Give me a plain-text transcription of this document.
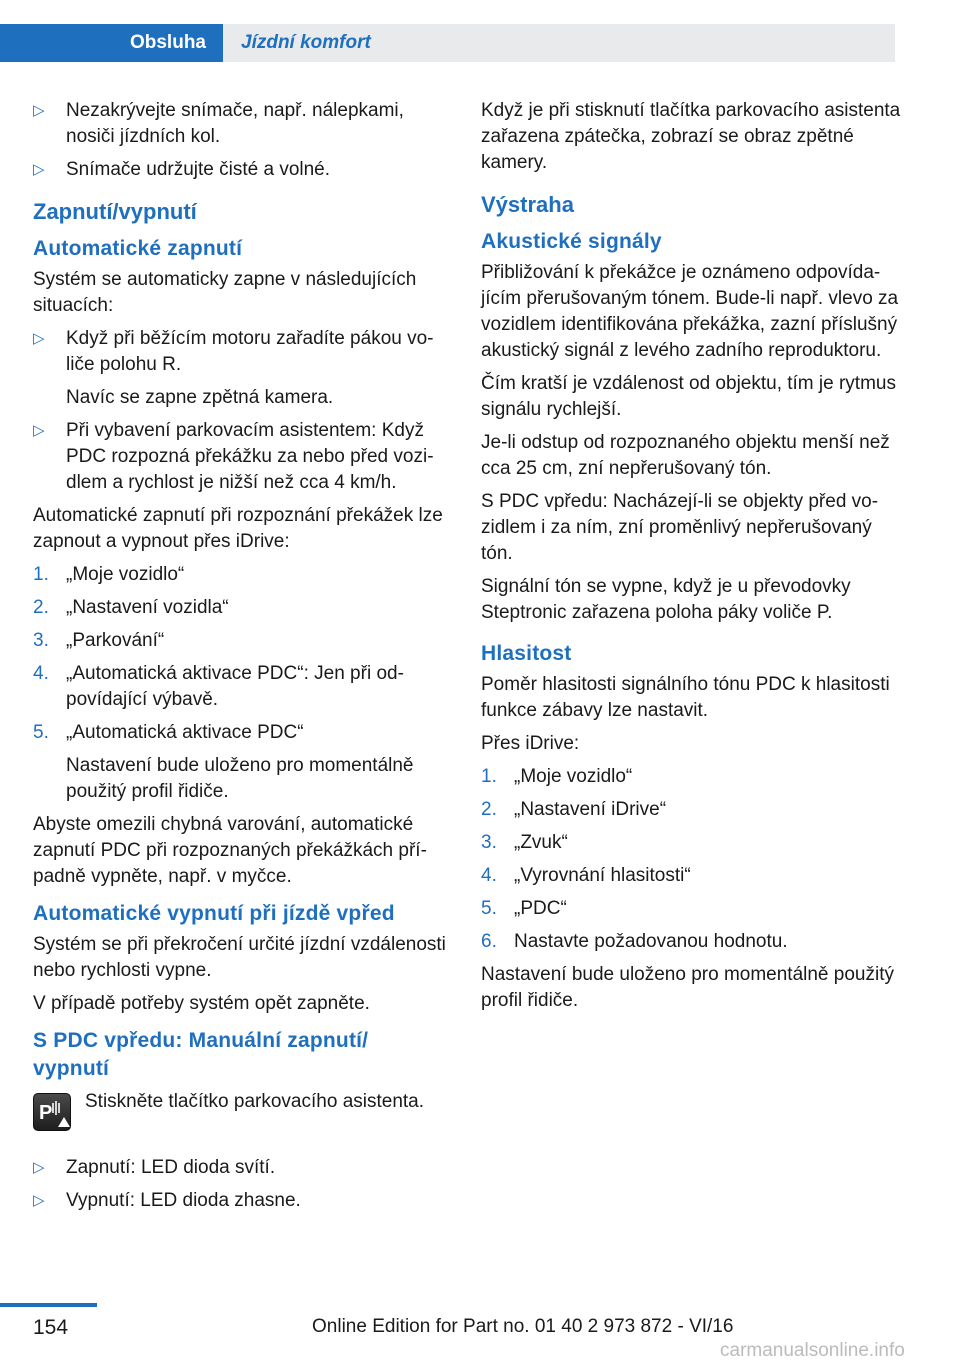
Obsluha	Jízdní komfort
▷ Nezakrývejte snímače, např. nálepkami, nosiči jízdních kol.
▷ Snímače udržujte čisté a volné.
Zapnutí/vypnutí
Automatické zapnutí
Systém se automaticky zapne v následujících situacích:
▷ Když při běžícím motoru zařadíte pákou voliče polohu R.
Navíc se zapne zpětná kamera.
▷ Při vybavení parkovacím asistentem: Když PDC rozpozná překážku za nebo před vozidlem a rychlost je nižší než cca 4 km/h.
Automatické zapnutí při rozpoznání překážek lze zapnout a vypnout přes iDrive:
1. „Moje vozidlo“
2. „Nastavení vozidla“
3. „Parkování“
4. „Automatická aktivace PDC“: Jen při odpovídající výbavě.
5. „Automatická aktivace PDC“
Nastavení bude uloženo pro momentálně použitý profil řidiče.
Abyste omezili chybná varování, automatické zapnutí PDC při rozpoznaných překážkách případně vypněte, např. v myčce.
Automatické vypnutí při jízdě vpřed
Systém se při překročení určité jízdní vzdálenosti nebo rychlosti vypne.
V případě potřeby systém opět zapněte.
S PDC vpředu: Manuální zapnutí/ vypnutí
P
Stiskněte tlačítko parkovacího asistenta.
▷ Zapnutí: LED dioda svítí.
▷ Vypnutí: LED dioda zhasne.
Když je při stisknutí tlačítka parkovacího asistenta zařazena zpátečka, zobrazí se obraz zpětné kamery.
Výstraha
Akustické signály
Přibližování k překážce je oznámeno odpovídajícím přerušovaným tónem. Bude-li např. vlevo za vozidlem identifikována překážka, zazní příslušný akustický signál z levého zadního reproduktoru.
Čím kratší je vzdálenost od objektu, tím je rytmus signálu rychlejší.
Je-li odstup od rozpoznaného objektu menší než cca 25 cm, zní nepřerušovaný tón.
S PDC vpředu: Nacházejí-li se objekty před vozidlem i za ním, zní proměnlivý nepřerušovaný tón.
Signální tón se vypne, když je u převodovky Steptronic zařazena poloha páky voliče P.
Hlasitost
Poměr hlasitosti signálního tónu PDC k hlasitosti funkce zábavy lze nastavit.
Přes iDrive:
1. „Moje vozidlo“
2. „Nastavení iDrive“
3. „Zvuk“
4. „Vyrovnání hlasitosti“
5. „PDC“
6. Nastavte požadovanou hodnotu.
Nastavení bude uloženo pro momentálně použitý profil řidiče.
154	Online Edition for Part no. 01 40 2 973 872 - VI/16
carmanualsonline.info
